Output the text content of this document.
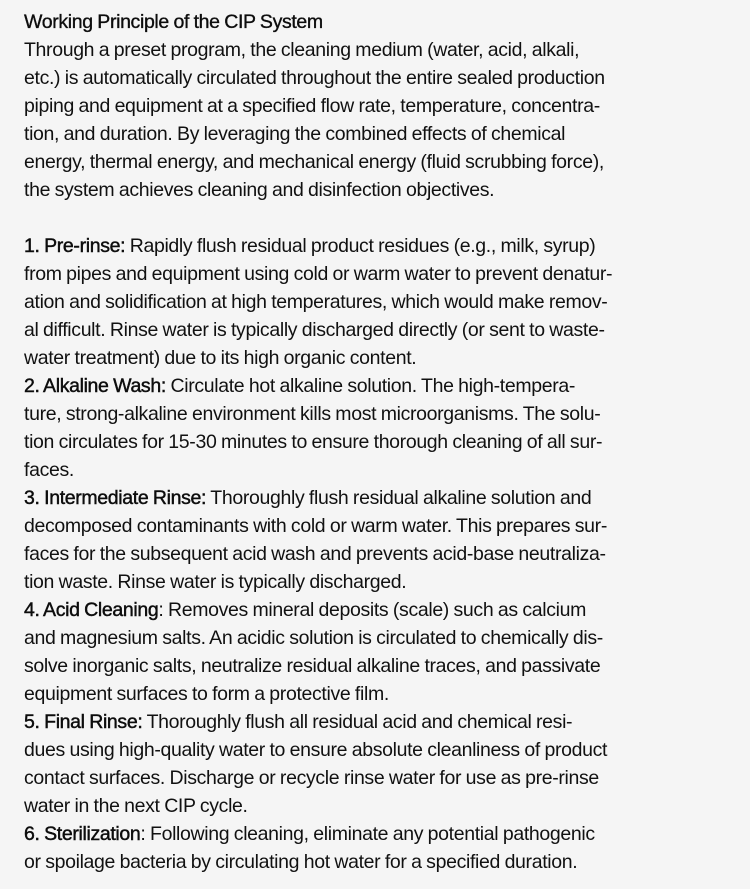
Working Principle of the CIP System
Through a preset program, the cleaning medium (water, acid, alkali,
etc.) is automatically circulated throughout the entire sealed production
piping and equipment at a specified flow rate, temperature, concentra-
tion, and duration. By leveraging the combined effects of chemical
energy, thermal energy, and mechanical energy (fluid scrubbing force),
the system achieves cleaning and disinfection objectives.
1. Pre-rinse: Rapidly flush residual product residues (e.g., milk, syrup)
from pipes and equipment using cold or warm water to prevent denatur-
ation and solidification at high temperatures, which would make remov-
al difficult. Rinse water is typically discharged directly (or sent to waste-
water treatment) due to its high organic content.
2. Alkaline Wash: Circulate hot alkaline solution. The high-tempera-
ture, strong-alkaline environment kills most microorganisms. The solu-
tion circulates for 15-30 minutes to ensure thorough cleaning of all sur-
faces.
3. Intermediate Rinse: Thoroughly flush residual alkaline solution and
decomposed contaminants with cold or warm water. This prepares sur-
faces for the subsequent acid wash and prevents acid-base neutraliza-
tion waste. Rinse water is typically discharged.
4. Acid Cleaning: Removes mineral deposits (scale) such as calcium
and magnesium salts. An acidic solution is circulated to chemically dis-
solve inorganic salts, neutralize residual alkaline traces, and passivate
equipment surfaces to form a protective film.
5. Final Rinse: Thoroughly flush all residual acid and chemical resi-
dues using high-quality water to ensure absolute cleanliness of product
contact surfaces. Discharge or recycle rinse water for use as pre-rinse
water in the next CIP cycle.
6. Sterilization: Following cleaning, eliminate any potential pathogenic
or spoilage bacteria by circulating hot water for a specified duration.
